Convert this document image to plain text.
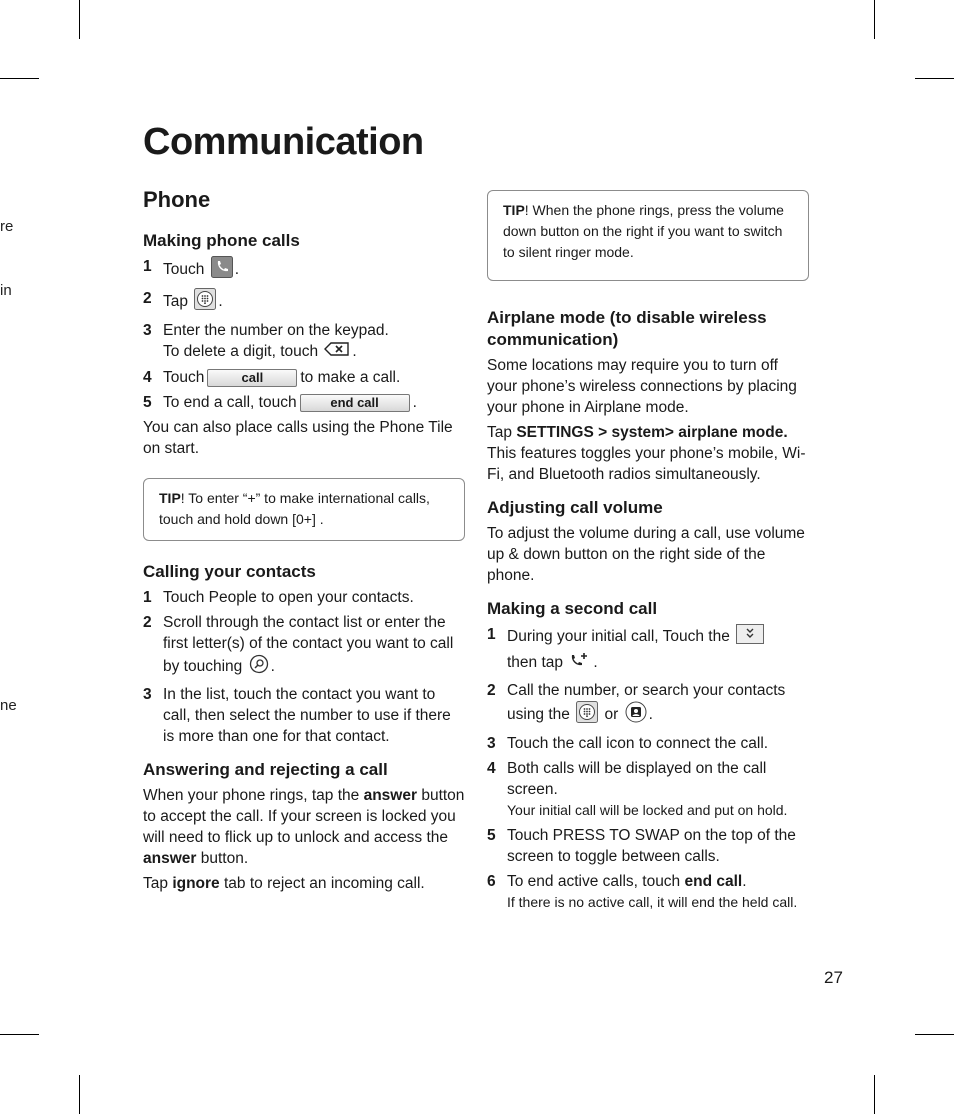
re
in
ne
Communication
Phone
Making phone calls
1 Touch .
2 Tap .
3 Enter the number on the keypad.
To delete a digit, touch .
4 Touch	call to make a call.
5 To end a call, touch	end call .

You can also place calls using the Phone Tile on start.

TIP! To enter “+” to make international calls, touch and hold down [0+] .
Calling your contacts
1 Touch People to open your contacts.
2 Scroll through the contact list or enter the first letter(s) of the contact you want to call by touching .
3 In the list, touch the contact you want to call, then select the number to use if there is more than one for that contact.
Answering and rejecting a call

When your phone rings, tap the answer button to accept the call. If your screen is locked you will need to flick up to unlock and access the answer button.

Tap ignore tab to reject an incoming call.

TIP! When the phone rings, press the volume down button on the right if you want to switch to silent ringer mode.
Airplane mode (to disable wireless communication)

Some locations may require you to turn off your phone’s wireless connections by placing your phone in Airplane mode.

Tap SETTINGS > system> airplane mode. This features toggles your phone’s mobile, Wi-Fi, and Bluetooth radios simultaneously.

Adjusting call volume

To adjust the volume during a call, use volume up & down button on the right side of the phone.

Making a second call
1 During your initial call, Touch the
then tap .
2 Call the number, or search your contacts using the or .
3 Touch the call icon to connect the call.
4 Both calls will be displayed on the call screen.
Your initial call will be locked and put on hold.
5 Touch PRESS TO SWAP on the top of the screen to toggle between calls.
6 To end active calls, touch end call.
If there is no active call, it will end the held call.
27
